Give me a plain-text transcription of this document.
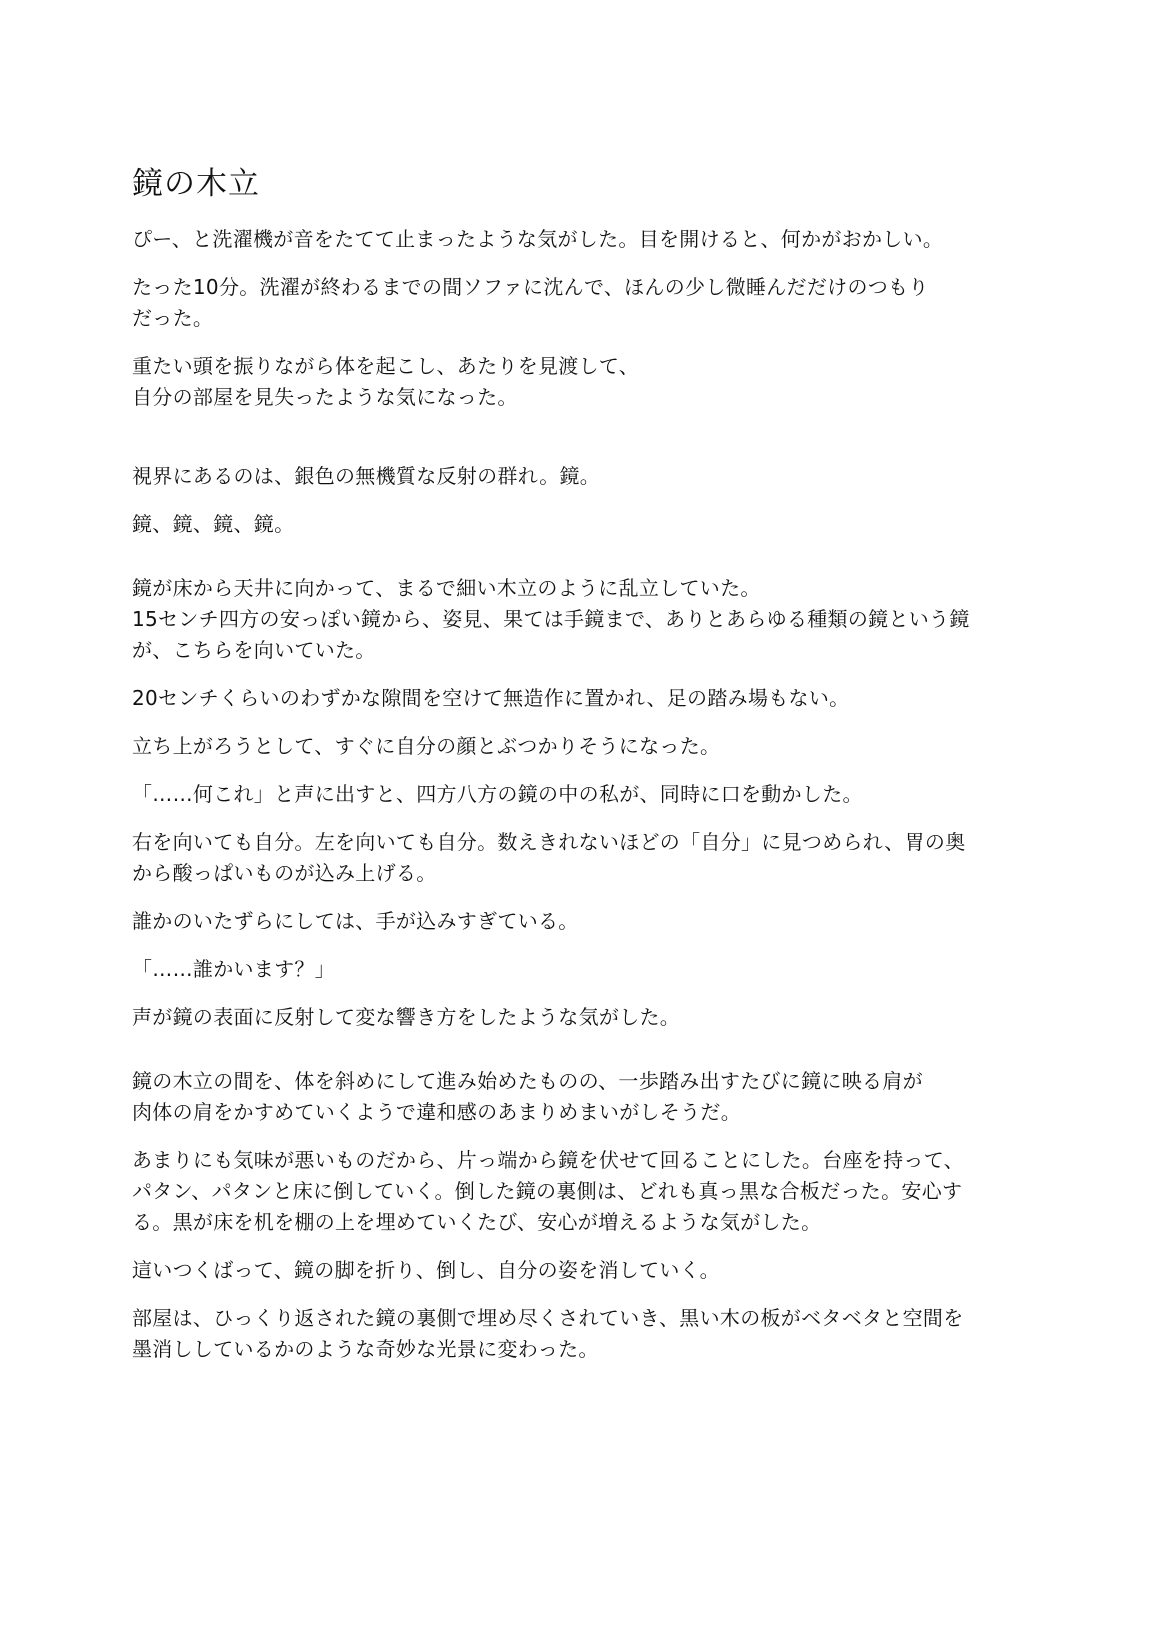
鏡の木立

ぴー、と洗濯機が音をたてて止まったような気がした。目を開けると、何かがおかしい。

たった10分。洗濯が終わるまでの間ソファに沈んで、ほんの少し微睡んだだけのつもり
だった。

重たい頭を振りながら体を起こし、あたりを見渡して、
自分の部屋を見失ったような気になった。

視界にあるのは、銀色の無機質な反射の群れ。鏡。

鏡、鏡、鏡、鏡。

鏡が床から天井に向かって、まるで細い木立のように乱立していた。
15センチ四方の安っぽい鏡から、姿見、果ては手鏡まで、ありとあらゆる種類の鏡という鏡
が、こちらを向いていた。

20センチくらいのわずかな隙間を空けて無造作に置かれ、足の踏み場もない。

立ち上がろうとして、すぐに自分の顔とぶつかりそうになった。

「……何これ」と声に出すと、四方八方の鏡の中の私が、同時に口を動かした。

右を向いても自分。左を向いても自分。数えきれないほどの「自分」に見つめられ、胃の奥
から酸っぱいものが込み上げる。

誰かのいたずらにしては、手が込みすぎている。

「……誰かいます？」

声が鏡の表面に反射して変な響き方をしたような気がした。

鏡の木立の間を、体を斜めにして進み始めたものの、一歩踏み出すたびに鏡に映る肩が
肉体の肩をかすめていくようで違和感のあまりめまいがしそうだ。

あまりにも気味が悪いものだから、片っ端から鏡を伏せて回ることにした。台座を持って、
パタン、パタンと床に倒していく。倒した鏡の裏側は、どれも真っ黒な合板だった。安心す
る。黒が床を机を棚の上を埋めていくたび、安心が増えるような気がした。

這いつくばって、鏡の脚を折り、倒し、自分の姿を消していく。

部屋は、ひっくり返された鏡の裏側で埋め尽くされていき、黒い木の板がベタベタと空間を
墨消ししているかのような奇妙な光景に変わった。
